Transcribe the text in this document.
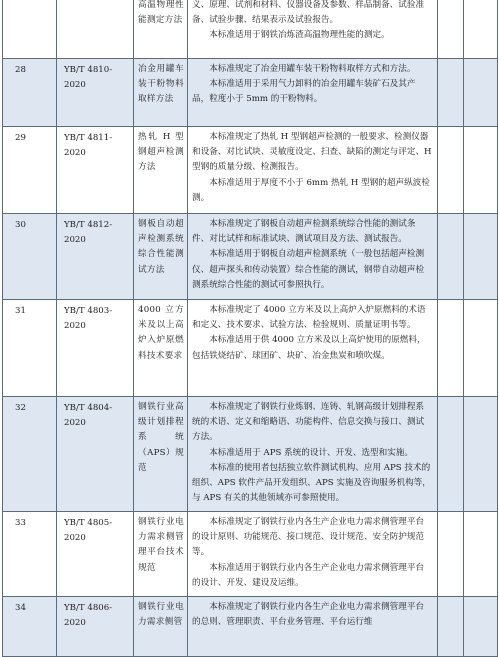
		高温物理性能测定方法	义、原理、试剂和材料、仪器设备及参数、样品制备、试验准备、试验步骤、结果表示及试验报告。
本标准适用于钢铁冶炼渣高温物理性能的测定。		

28	YB/T 4810-2020	冶金用罐车装干粉物料取样方法	本标准规定了冶金用罐车装干粉物料取样方式和方法。
本标准适用于采用气力卸料的冶金用罐车装矿石及其产品，粒度小于 5mm 的干粉物料。		

29	YB/T 4811-2020	热轧 H 型钢超声检测方法	本标准规定了热轧 H 型钢超声检测的一般要求、检测仪器和设备、对比试块、灵敏度设定、扫查、缺陷的测定与评定、H 型钢的质量分级、检测报告。
本标准适用于厚度不小于 6mm 热轧 H 型钢的超声纵波检测。		

30	YB/T 4812-2020	钢板自动超声检测系统综合性能测试方法	本标准规定了钢板自动超声检测系统综合性能的测试条件、对比试样和标准试块、测试项目及方法、测试报告。
本标准适用于钢板自动超声检测系统（一般包括超声检测仪、超声探头和传动装置）综合性能的测试，钢带自动超声检测系统综合性能的测试可参照执行。		

31	YB/T 4803-2020	4000 立方米及以上高炉入炉原燃料技术要求	本标准规定了 4000 立方米及以上高炉入炉原燃料的术语和定义、技术要求、试验方法、检验规则、质量证明书等。
本标准适用于供 4000 立方米及以上高炉使用的原燃料，包括铁烧结矿、球团矿、块矿、冶金焦炭和喷吹煤。		

32	YB/T 4804-2020	钢铁行业高级计划排程系统（APS）规范	本标准规定了钢铁行业炼钢、连铸、轧钢高级计划排程系统的术语、定义和缩略语、功能构件、信息交换与接口、测试方法。
本标准适用于 APS 系统的设计、开发、选型和实施。
本标准的使用者包括独立软件测试机构、应用 APS 技术的组织、APS 软件产品开发组织、APS 实施及咨询服务机构等，与 APS 有关的其他领域亦可参照使用。		

33	YB/T 4805-2020	钢铁行业电力需求侧管理平台技术规范	本标准规定了钢铁行业内各生产企业电力需求侧管理平台的设计原则、功能规范、接口规范、设计规范、安全防护规范等。
本标准适用于钢铁行业内各生产企业电力需求侧管理平台的设计、开发、建设及运维。		

34	YB/T 4806-2020	钢铁行业电力需求侧管	本标准规定了钢铁行业内各生产企业电力需求侧管理平台的总则、管理职责、平台业务管理、平台运行维		
